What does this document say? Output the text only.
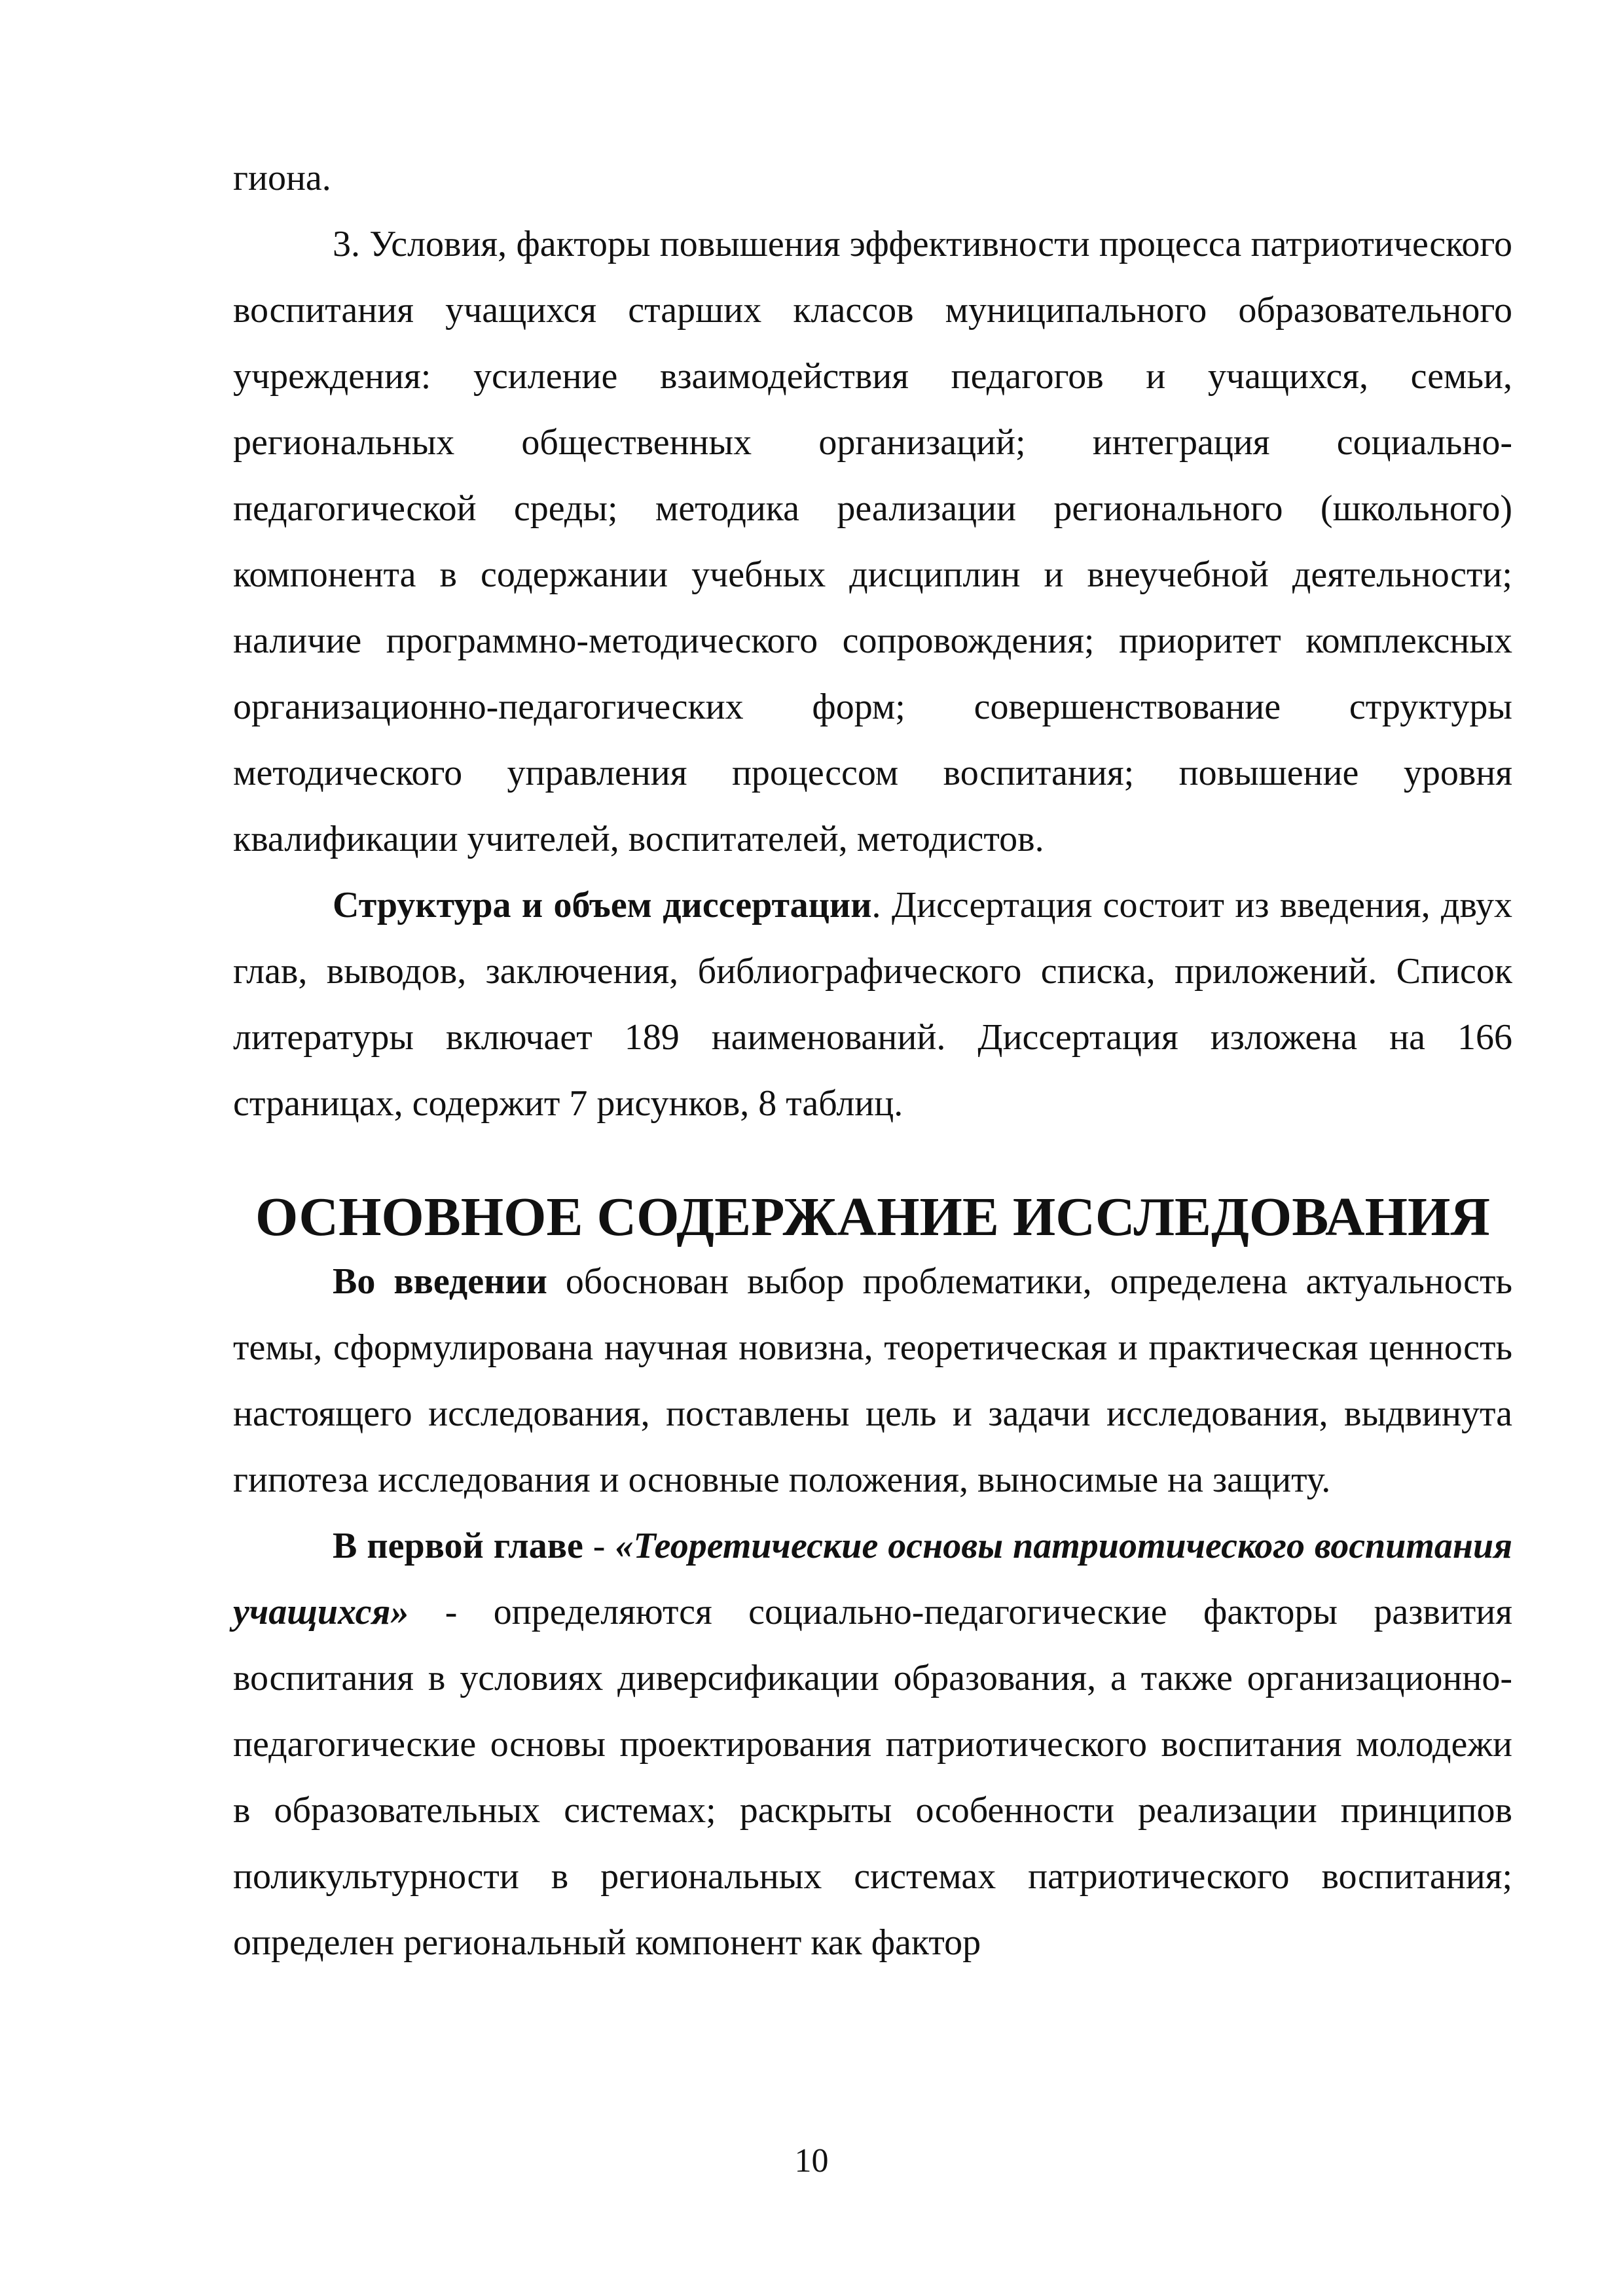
гиона.

3. Условия, факторы повышения эффективности процесса патриотического воспитания учащихся старших классов муниципального образовательного учреждения: усиление взаимодействия педагогов и учащихся, семьи, региональных общественных организаций; интеграция социально-педагогической среды; методика реализации регионального (школьного) компонента в содержании учебных дисциплин и внеучебной деятельности; наличие программно-методического сопровождения; приоритет комплексных организационно-педагогических форм; совершенствование структуры методического управления процессом воспитания; повышение уровня квалификации учителей, воспитателей, методистов.

Структура и объем диссертации. Диссертация состоит из введения, двух глав, выводов, заключения, библиографического списка, приложений. Список литературы включает 189 наименований. Диссертация изложена на 166 страницах, содержит 7 рисунков, 8 таблиц.

ОСНОВНОЕ СОДЕРЖАНИЕ ИССЛЕДОВАНИЯ

Во введении обоснован выбор проблематики, определена актуальность темы, сформулирована научная новизна, теоретическая и практическая ценность настоящего исследования, поставлены цель и задачи исследования, выдвинута гипотеза исследования и основные положения, выносимые на защиту.

В первой главе - «Теоретические основы патриотического воспитания учащихся» - определяются социально-педагогические факторы развития воспитания в условиях диверсификации образования, а также организационно-педагогические основы проектирования патриотического воспитания молодежи в образовательных системах; раскрыты особенности реализации принципов поликультурности в региональных системах патриотического воспитания; определен региональный компонент как фактор

10
